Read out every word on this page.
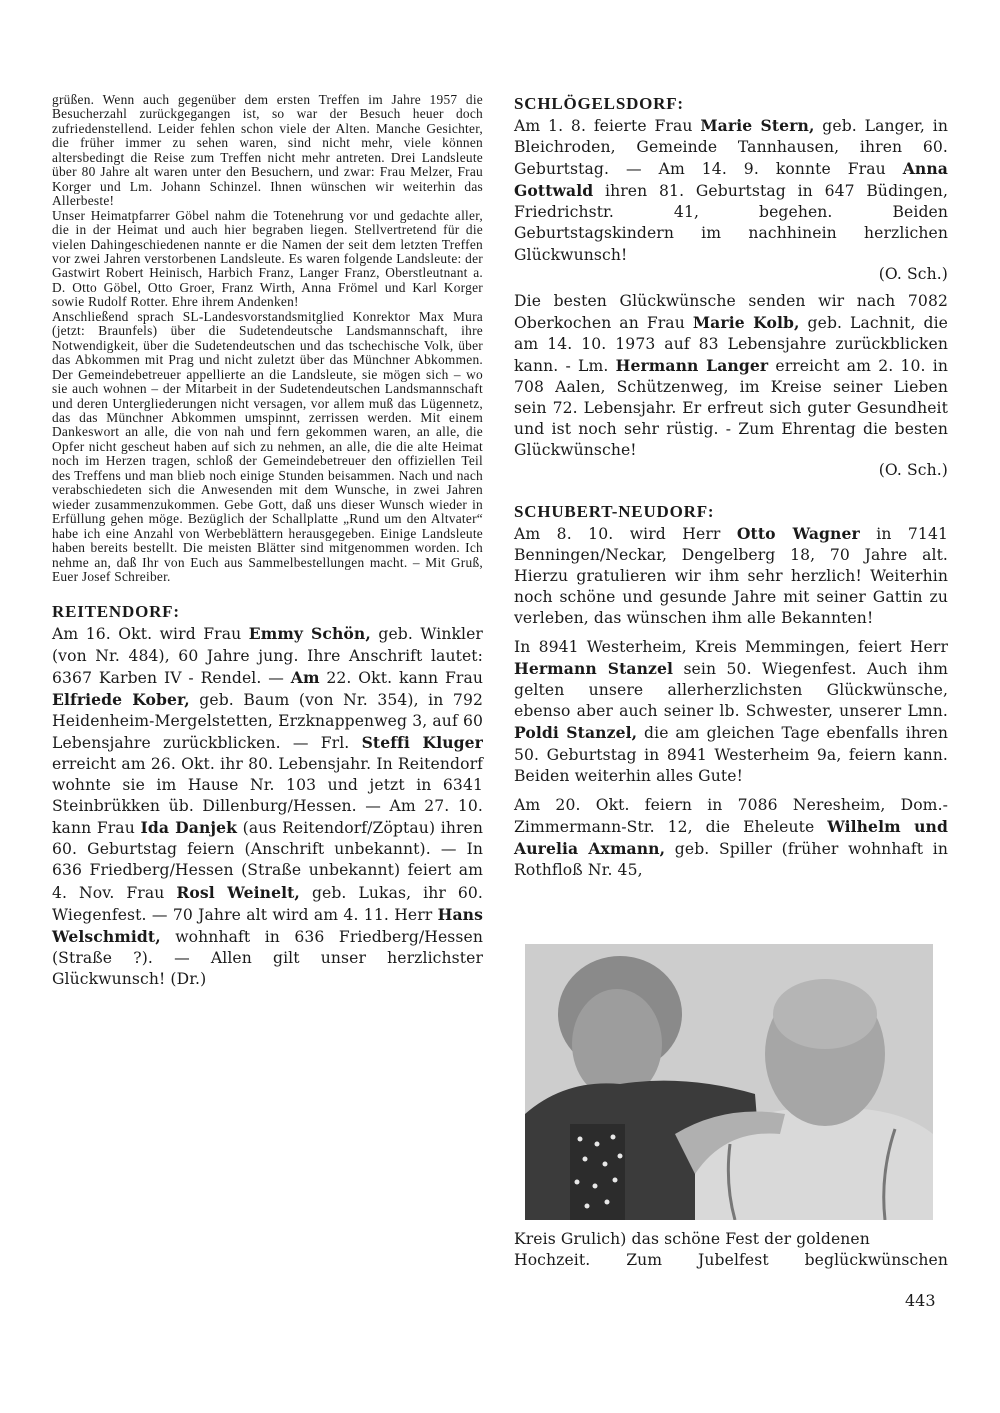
grüßen. Wenn auch gegenüber dem ersten Treffen im Jahre 1957 die Besucherzahl zurückgegangen ist, so war der Besuch heuer doch zufriedenstellend. Leider fehlen schon viele der Alten. Manche Gesichter, die früher immer zu sehen waren, sind nicht mehr, viele können altersbedingt die Reise zum Treffen nicht mehr antreten. Drei Landsleute über 80 Jahre alt waren unter den Besuchern, und zwar: Frau Melzer, Frau Korger und Lm. Johann Schinzel. Ihnen wünschen wir weiterhin das Allerbeste!

Unser Heimatpfarrer Göbel nahm die Totenehrung vor und gedachte aller, die in der Heimat und auch hier begraben liegen. Stellvertretend für die vielen Dahingeschiedenen nannte er die Namen der seit dem letzten Treffen vor zwei Jahren verstorbenen Landsleute. Es waren folgende Landsleute: der Gastwirt Robert Heinisch, Harbich Franz, Langer Franz, Oberstleutnant a. D. Otto Göbel, Otto Groer, Franz Wirth, Anna Frömel und Karl Korger sowie Rudolf Rotter. Ehre ihrem Andenken!

Anschließend sprach SL-Landesvorstandsmitglied Konrektor Max Mura (jetzt: Braunfels) über die Sudetendeutsche Landsmannschaft, ihre Notwendigkeit, über die Sudetendeutschen und das tschechische Volk, über das Abkommen mit Prag und nicht zuletzt über das Münchner Abkommen. Der Gemeindebetreuer appellierte an die Landsleute, sie mögen sich – wo sie auch wohnen – der Mitarbeit in der Sudetendeutschen Landsmannschaft und deren Untergliederungen nicht versagen, vor allem muß das Lügennetz, das das Münchner Abkommen umspinnt, zerrissen werden. Mit einem Dankeswort an alle, die von nah und fern gekommen waren, an alle, die Opfer nicht gescheut haben auf sich zu nehmen, an alle, die die alte Heimat noch im Herzen tragen, schloß der Gemeindebetreuer den offiziellen Teil des Treffens und man blieb noch einige Stunden beisammen. Nach und nach verabschiedeten sich die Anwesenden mit dem Wunsche, in zwei Jahren wieder zusammenzukommen. Gebe Gott, daß uns dieser Wunsch wieder in Erfüllung gehen möge. Bezüglich der Schallplatte „Rund um den Altvater“ habe ich eine Anzahl von Werbeblättern herausgegeben. Einige Landsleute haben bereits bestellt. Die meisten Blätter sind mitgenommen worden. Ich nehme an, daß Ihr von Euch aus Sammelbestellungen macht. – Mit Gruß, Euer Josef Schreiber.

REITENDORF:

Am 16. Okt. wird Frau Emmy Schön, geb. Winkler (von Nr. 484), 60 Jahre jung. Ihre Anschrift lautet: 6367 Karben IV - Rendel. — Am 22. Okt. kann Frau Elfriede Kober, geb. Baum (von Nr. 354), in 792 Heidenheim-Mergelstetten, Erzknappenweg 3, auf 60 Lebensjahre zurückblicken. — Frl. Steffi Kluger erreicht am 26. Okt. ihr 80. Lebensjahr. In Reitendorf wohnte sie im Hause Nr. 103 und jetzt in 6341 Steinbrükken üb. Dillenburg/Hessen. — Am 27. 10. kann Frau Ida Danjek (aus Reitendorf/Zöptau) ihren 60. Geburtstag feiern (Anschrift unbekannt). — In 636 Friedberg/Hessen (Straße unbekannt) feiert am 4. Nov. Frau Rosl Weinelt, geb. Lukas, ihr 60. Wiegenfest. — 70 Jahre alt wird am 4. 11. Herr Hans Welschmidt, wohnhaft in 636 Friedberg/Hessen (Straße ?). — Allen gilt unser herzlichster Glückwunsch! (Dr.)

SCHLÖGELSDORF:

Am 1. 8. feierte Frau Marie Stern, geb. Langer, in Bleichroden, Gemeinde Tannhausen, ihren 60. Geburtstag. — Am 14. 9. konnte Frau Anna Gottwald ihren 81. Geburtstag in 647 Büdingen, Friedrichstr. 41, begehen. Beiden Geburtstagskindern im nachhinein herzlichen Glückwunsch!

(O. Sch.)

Die besten Glückwünsche senden wir nach 7082 Oberkochen an Frau Marie Kolb, geb. Lachnit, die am 14. 10. 1973 auf 83 Lebensjahre zurückblicken kann. - Lm. Hermann Langer erreicht am 2. 10. in 708 Aalen, Schützenweg, im Kreise seiner Lieben sein 72. Lebensjahr. Er erfreut sich guter Gesundheit und ist noch sehr rüstig. - Zum Ehrentag die besten Glückwünsche!

(O. Sch.)
SCHUBERT-NEUDORF:

Am 8. 10. wird Herr Otto Wagner in 7141 Benningen/Neckar, Dengelberg 18, 70 Jahre alt. Hierzu gratulieren wir ihm sehr herzlich! Weiterhin noch schöne und gesunde Jahre mit seiner Gattin zu verleben, das wünschen ihm alle Bekannten!

In 8941 Westerheim, Kreis Memmingen, feiert Herr Hermann Stanzel sein 50. Wiegenfest. Auch ihm gelten unsere allerherzlichsten Glückwünsche, ebenso aber auch seiner lb. Schwester, unserer Lmn. Poldi Stanzel, die am gleichen Tage ebenfalls ihren 50. Geburtstag in 8941 Westerheim 9a, feiern kann. Beiden weiterhin alles Gute!

Am 20. Okt. feiern in 7086 Neresheim, Dom.-Zimmermann-Str. 12, die Eheleute Wilhelm und Aurelia Axmann, geb. Spiller (früher wohnhaft in Rothfloß Nr. 45,

Kreis Grulich) das schöne Fest der goldenen Hochzeit. Zum Jubelfest beglückwünschen
443
